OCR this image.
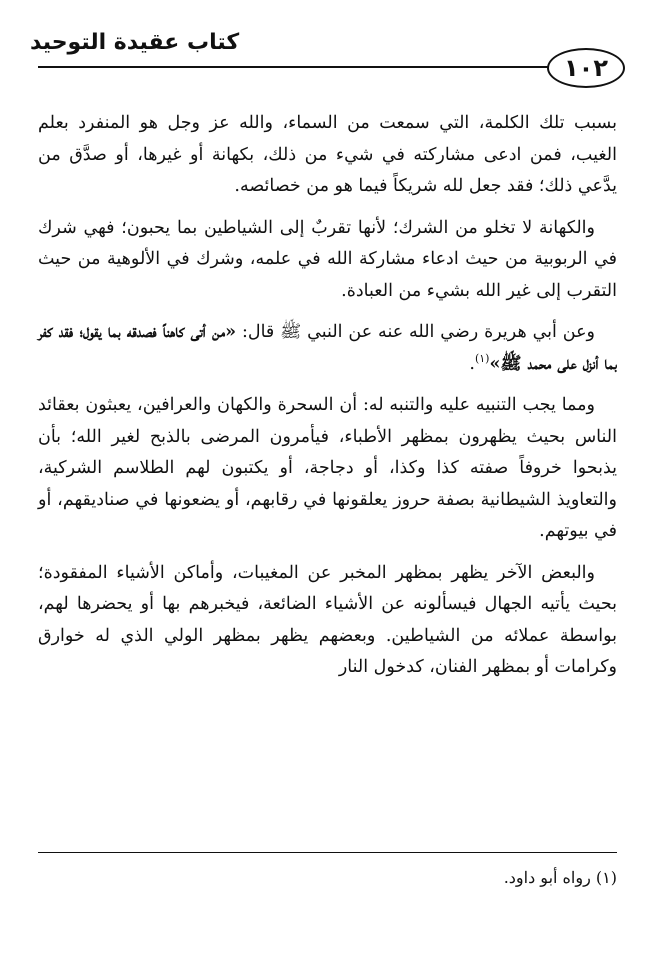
كتاب عقيدة التوحيد
١٠٢

بسبب تلك الكلمة، التي سمعت من السماء، والله عز وجل هو المنفرد بعلم الغيب، فمن ادعى مشاركته في شيء من ذلك، بكهانة أو غيرها، أو صدَّق من يدَّعي ذلك؛ فقد جعل لله شريكاً فيما هو من خصائصه.

والكهانة لا تخلو من الشرك؛ لأنها تقربٌ إلى الشياطين بما يحبون؛ فهي شرك في الربوبية من حيث ادعاء مشاركة الله في علمه، وشرك في الألوهية من حيث التقرب إلى غير الله بشيء من العبادة.

وعن أبي هريرة رضي الله عنه عن النبي ﷺ قال: «من أتى كاهناً فصدقه بما يقول؛ فقد كفر بما أنزل على محمد ﷺ»$^{(١)}$.

ومما يجب التنبيه عليه والتنبه له: أن السحرة والكهان والعرافين، يعبثون بعقائد الناس بحيث يظهرون بمظهر الأطباء، فيأمرون المرضى بالذبح لغير الله؛ بأن يذبحوا خروفاً صفته كذا وكذا، أو دجاجة، أو يكتبون لهم الطلاسم الشركية، والتعاويذ الشيطانية بصفة حروز يعلقونها في رقابهم، أو يضعونها في صناديقهم، أو في بيوتهم.

والبعض الآخر يظهر بمظهر المخبر عن المغيبات، وأماكن الأشياء المفقودة؛ بحيث يأتيه الجهال فيسألونه عن الأشياء الضائعة، فيخبرهم بها أو يحضرها لهم، بواسطة عملائه من الشياطين. وبعضهم يظهر بمظهر الولي الذي له خوارق وكرامات أو بمظهر الفنان، كدخول النار

(١) رواه أبو داود.
